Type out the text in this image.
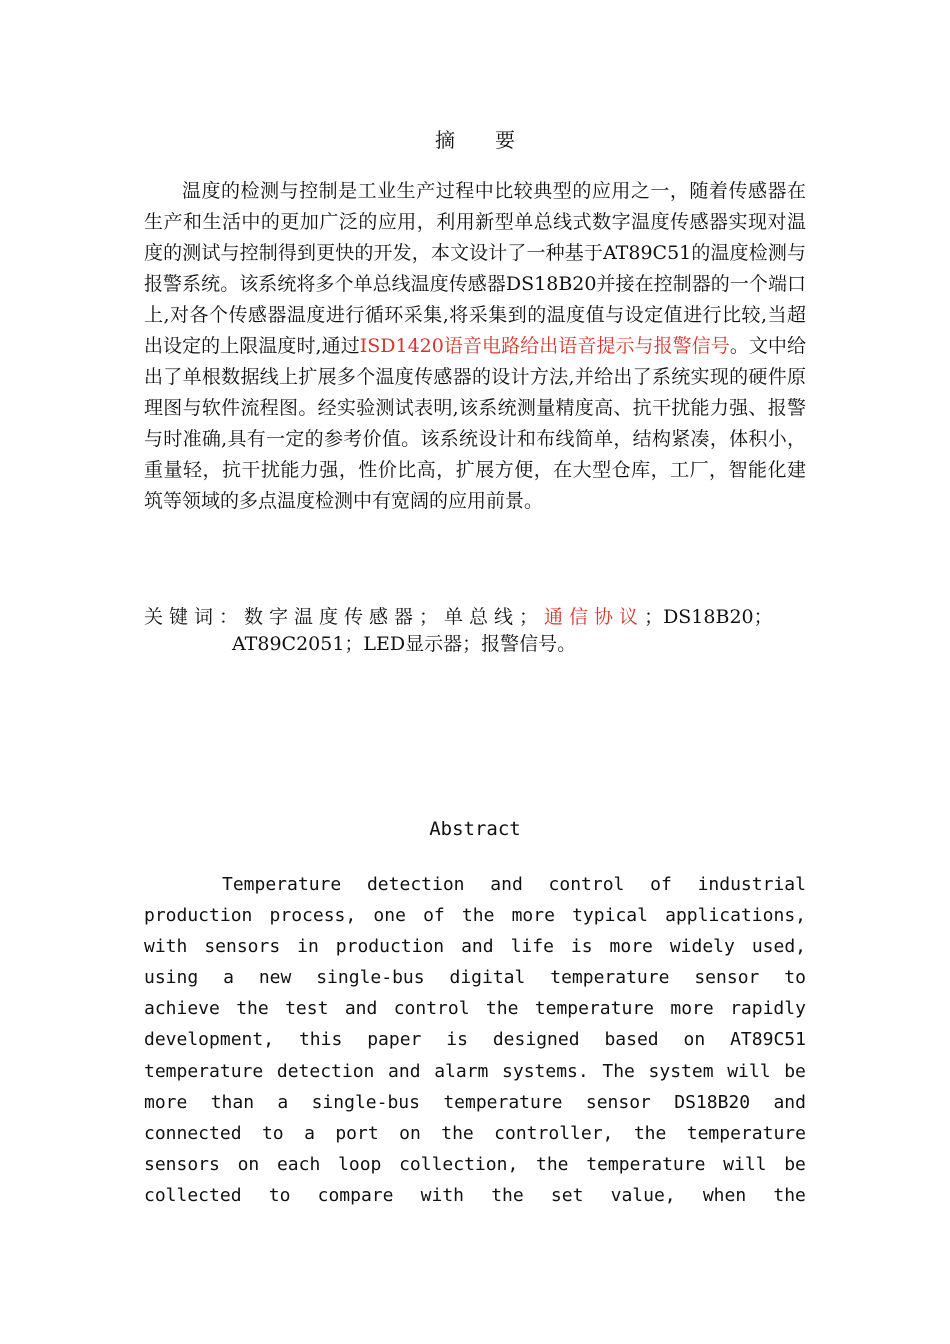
摘 要
温度的检测与控制是工业生产过程中比较典型的应用之一，随着传感器在生产和生活中的更加广泛的应用，利用新型单总线式数字温度传感器实现对温度的测试与控制得到更快的开发，本文设计了一种基于AT89C51的温度检测与报警系统。该系统将多个单总线温度传感器DS18B20并接在控制器的一个端口上,对各个传感器温度进行循环采集,将采集到的温度值与设定值进行比较,当超出设定的上限温度时,通过ISD1420语音电路给出语音提示与报警信号。文中给出了单根数据线上扩展多个温度传感器的设计方法,并给出了系统实现的硬件原理图与软件流程图。经实验测试表明,该系统测量精度高、抗干扰能力强、报警与时准确,具有一定的参考价值。该系统设计和布线简单，结构紧凑，体积小，重量轻，抗干扰能力强，性价比高，扩展方便，在大型仓库，工厂，智能化建筑等领域的多点温度检测中有宽阔的应用前景。
关键词：数字温度传感器；单总线；通信协议；DS18B20；
AT89C2051；LED显示器；报警信号。
Abstract
Temperature detection and control of industrial
production process, one of the more typical applications,
with sensors in production and life is more widely used,
using a new single-bus digital temperature sensor to
achieve the test and control the temperature more rapidly
development, this paper is designed based on AT89C51
temperature detection and alarm systems. The system will be
more than a single-bus temperature sensor DS18B20 and
connected to a port on the controller, the temperature
sensors on each loop collection, the temperature will be
collected to compare with the set value, when the
